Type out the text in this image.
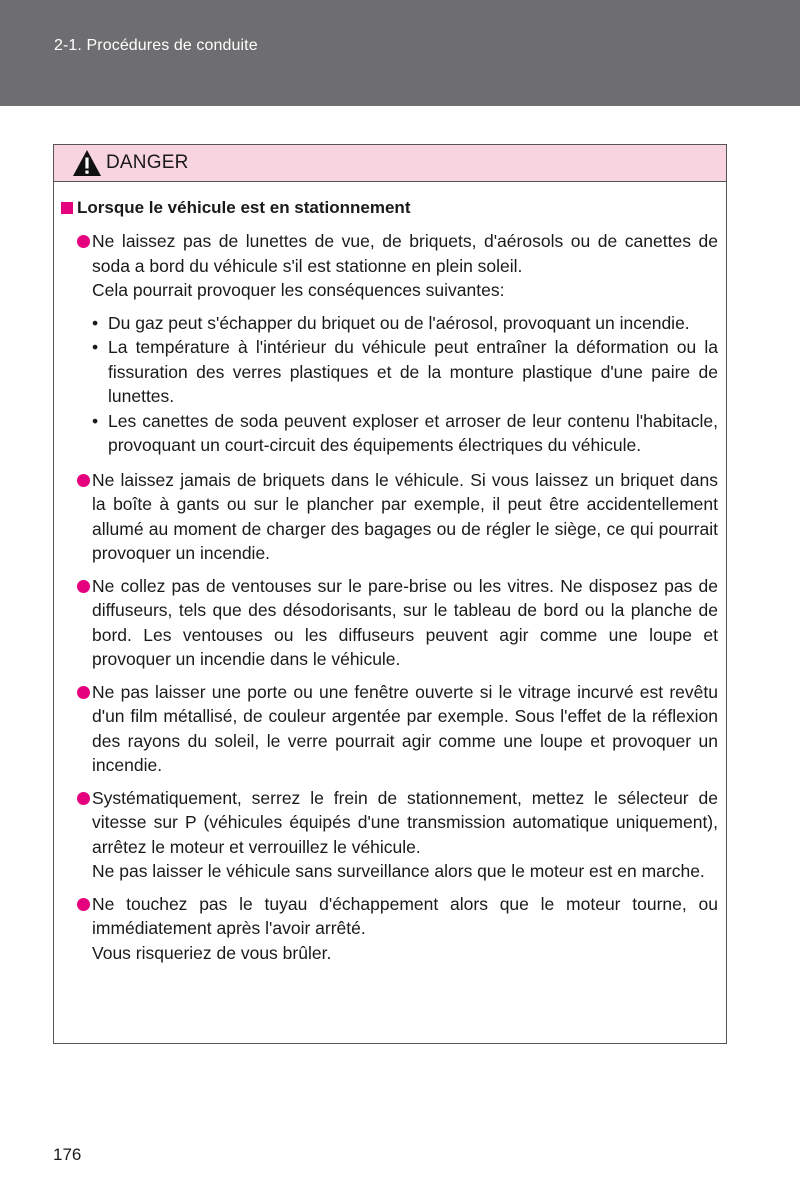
2-1. Procédures de conduite
DANGER
Lorsque le véhicule est en stationnement
Ne laissez pas de lunettes de vue, de briquets, d'aérosols ou de canettes de soda a bord du véhicule s'il est stationne en plein soleil.
Cela pourrait provoquer les conséquences suivantes:
• Du gaz peut s'échapper du briquet ou de l'aérosol, provoquant un incendie.
• La température à l'intérieur du véhicule peut entraîner la déformation ou la fissuration des verres plastiques et de la monture plastique d'une paire de lunettes.
• Les canettes de soda peuvent exploser et arroser de leur contenu l'habitacle, provoquant un court-circuit des équipements électriques du véhicule.
Ne laissez jamais de briquets dans le véhicule. Si vous laissez un briquet dans la boîte à gants ou sur le plancher par exemple, il peut être accidentellement allumé au moment de charger des bagages ou de régler le siège, ce qui pourrait provoquer un incendie.
Ne collez pas de ventouses sur le pare-brise ou les vitres. Ne disposez pas de diffuseurs, tels que des désodorisants, sur le tableau de bord ou la planche de bord. Les ventouses ou les diffuseurs peuvent agir comme une loupe et provoquer un incendie dans le véhicule.
Ne pas laisser une porte ou une fenêtre ouverte si le vitrage incurvé est revêtu d'un film métallisé, de couleur argentée par exemple. Sous l'effet de la réflexion des rayons du soleil, le verre pourrait agir comme une loupe et provoquer un incendie.
Systématiquement, serrez le frein de stationnement, mettez le sélecteur de vitesse sur P (véhicules équipés d'une transmission automatique uniquement), arrêtez le moteur et verrouillez le véhicule.
Ne pas laisser le véhicule sans surveillance alors que le moteur est en marche.
Ne touchez pas le tuyau d'échappement alors que le moteur tourne, ou immédiatement après l'avoir arrêté.
Vous risqueriez de vous brûler.
176
